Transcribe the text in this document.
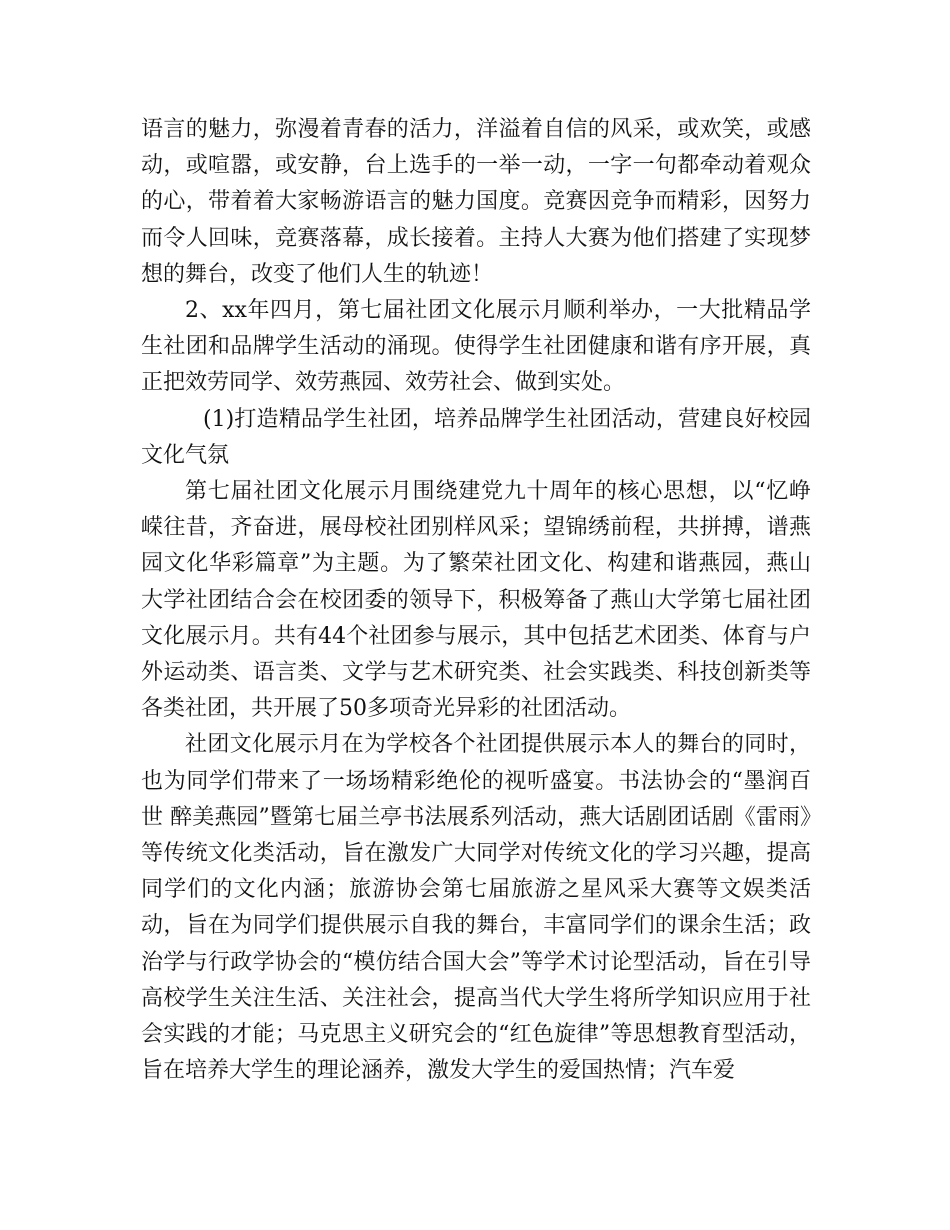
语言的魅力，弥漫着青春的活力，洋溢着自信的风采，或欢笑，或感动，或喧嚣，或安静，台上选手的一举一动，一字一句都牵动着观众的心，带着着大家畅游语言的魅力国度。竞赛因竞争而精彩，因努力而令人回味，竞赛落幕，成长接着。主持人大赛为他们搭建了实现梦想的舞台，改变了他们人生的轨迹！

2、xx年四月，第七届社团文化展示月顺利举办，一大批精品学生社团和品牌学生活动的涌现。使得学生社团健康和谐有序开展，真正把效劳同学、效劳燕园、效劳社会、做到实处。

(1)打造精品学生社团，培养品牌学生社团活动，营建良好校园文化气氛

第七届社团文化展示月围绕建党九十周年的核心思想，以“忆峥嵘往昔，齐奋进，展母校社团别样风采；望锦绣前程，共拼搏，谱燕园文化华彩篇章”为主题。为了繁荣社团文化、构建和谐燕园，燕山大学社团结合会在校团委的领导下，积极筹备了燕山大学第七届社团文化展示月。共有44个社团参与展示，其中包括艺术团类、体育与户外运动类、语言类、文学与艺术研究类、社会实践类、科技创新类等各类社团，共开展了50多项奇光异彩的社团活动。

社团文化展示月在为学校各个社团提供展示本人的舞台的同时，也为同学们带来了一场场精彩绝伦的视听盛宴。书法协会的“墨润百世 醉美燕园”暨第七届兰亭书法展系列活动，燕大话剧团话剧《雷雨》等传统文化类活动，旨在激发广大同学对传统文化的学习兴趣，提高同学们的文化内涵；旅游协会第七届旅游之星风采大赛等文娱类活动，旨在为同学们提供展示自我的舞台，丰富同学们的课余生活；政治学与行政学协会的“模仿结合国大会”等学术讨论型活动，旨在引导高校学生关注生活、关注社会，提高当代大学生将所学知识应用于社会实践的才能；马克思主义研究会的“红色旋律”等思想教育型活动，旨在培养大学生的理论涵养，激发大学生的爱国热情；汽车爱
